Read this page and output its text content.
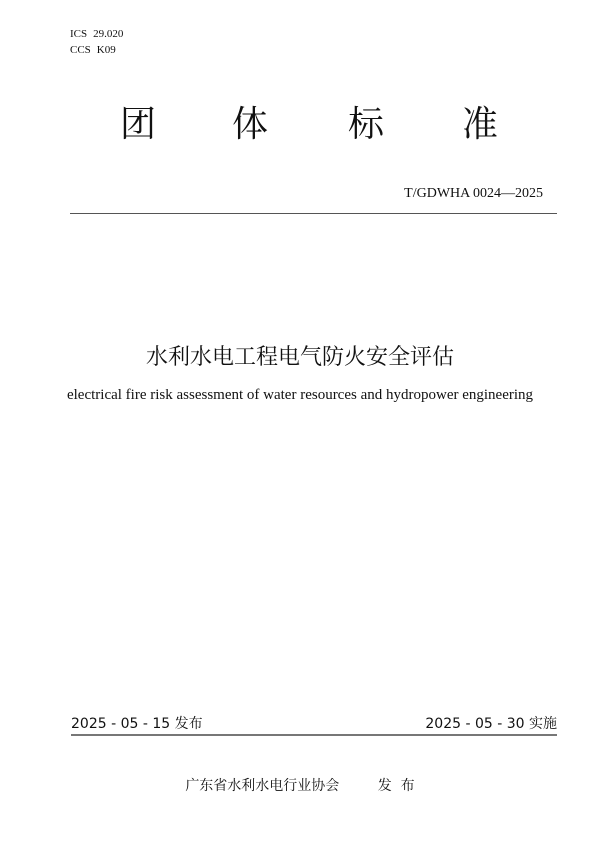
ICS 29.020
CCS K09
团 体 标 准
T/GDWHA 0024—2025
水利水电工程电气防火安全评估
electrical fire risk assessment of water resources and hydropower engineering
2025 - 05 - 15 发布	2025 - 05 - 30 实施
广东省水利水电行业协会	发  布
